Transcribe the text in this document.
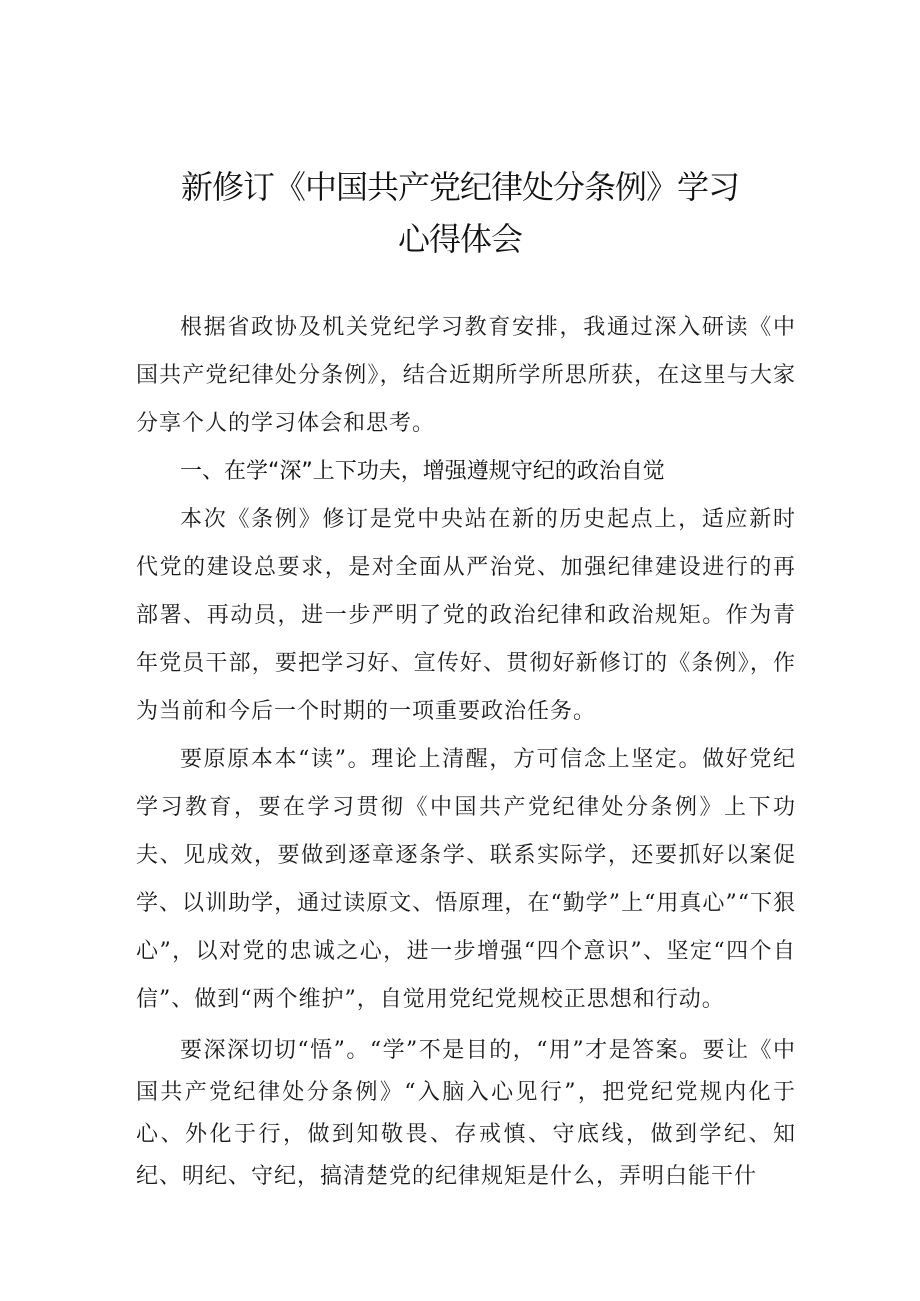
新修订《中国共产党纪律处分条例》学习
心得体会

根据省政协及机关党纪学习教育安排，我通过深入研读《中国共产党纪律处分条例》，结合近期所学所思所获，在这里与大家分享个人的学习体会和思考。

一、在学“深”上下功夫，增强遵规守纪的政治自觉

本次《条例》修订是党中央站在新的历史起点上，适应新时代党的建设总要求，是对全面从严治党、加强纪律建设进行的再部署、再动员，进一步严明了党的政治纪律和政治规矩。作为青年党员干部，要把学习好、宣传好、贯彻好新修订的《条例》，作为当前和今后一个时期的一项重要政治任务。

要原原本本“读”。理论上清醒，方可信念上坚定。做好党纪学习教育，要在学习贯彻《中国共产党纪律处分条例》上下功夫、见成效，要做到逐章逐条学、联系实际学，还要抓好以案促学、以训助学，通过读原文、悟原理，在“勤学”上“用真心”“下狠心”，以对党的忠诚之心，进一步增强“四个意识”、坚定“四个自信”、做到“两个维护”，自觉用党纪党规校正思想和行动。

要深深切切“悟”。“学”不是目的，“用”才是答案。要让《中国共产党纪律处分条例》“入脑入心见行”，把党纪党规内化于心、外化于行，做到知敬畏、存戒慎、守底线，做到学纪、知纪、明纪、守纪，搞清楚党的纪律规矩是什么，弄明白能干什
